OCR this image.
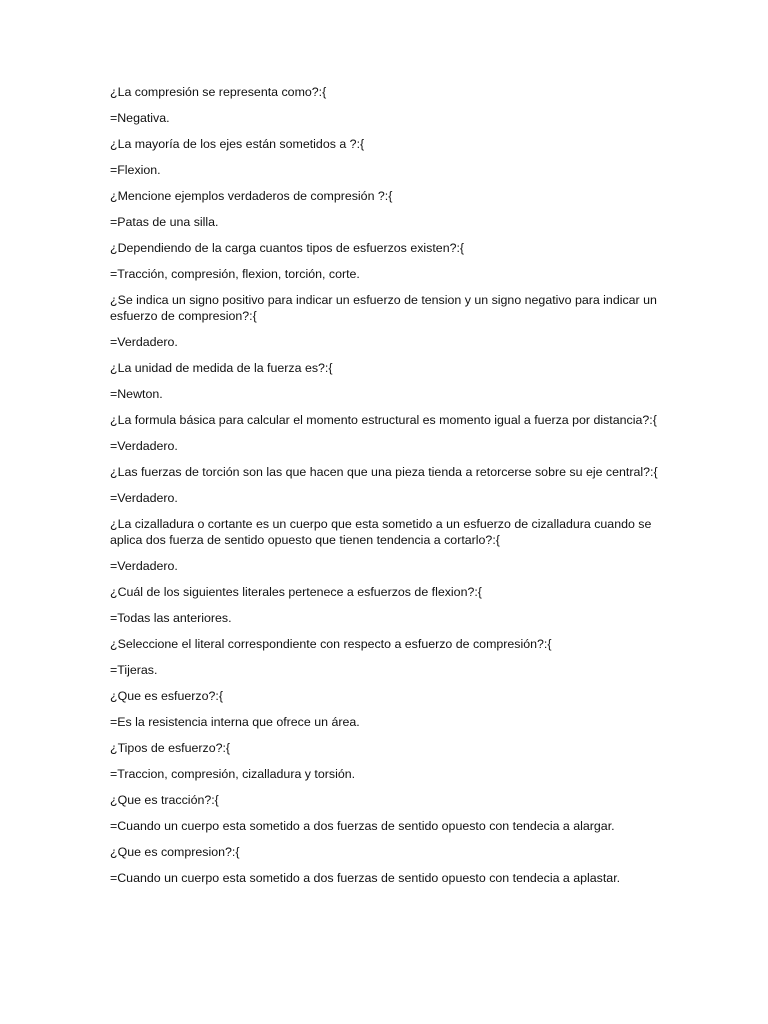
¿La compresión se representa como?:{

=Negativa.

¿La mayoría de los ejes están sometidos a ?:{

=Flexion.

¿Mencione ejemplos verdaderos de compresión ?:{

=Patas de una silla.

¿Dependiendo de la carga cuantos tipos de esfuerzos existen?:{

=Tracción, compresión, flexion, torción, corte.

¿Se indica un signo positivo para indicar un esfuerzo de tension y un signo negativo para indicar un esfuerzo de compresion?:{

=Verdadero.

¿La unidad de medida de la fuerza es?:{

=Newton.

¿La formula básica para calcular el momento estructural es momento igual a fuerza por distancia?:{

=Verdadero.

¿Las fuerzas de torción son las que hacen que una pieza tienda a retorcerse sobre su eje central?:{

=Verdadero.

¿La cizalladura o cortante es un cuerpo que esta sometido a un esfuerzo de cizalladura cuando se aplica dos fuerza de sentido opuesto que tienen tendencia a cortarlo?:{

=Verdadero.

¿Cuál de los siguientes literales pertenece a esfuerzos de flexion?:{

=Todas las anteriores.

¿Seleccione el literal correspondiente con respecto a esfuerzo de compresión?:{

=Tijeras.

¿Que es esfuerzo?:{

=Es la resistencia interna que ofrece un área.

¿Tipos de esfuerzo?:{

=Traccion, compresión, cizalladura y torsión.

¿Que es tracción?:{

=Cuando un cuerpo esta sometido a dos fuerzas de sentido opuesto con tendecia a alargar.

¿Que es compresion?:{

=Cuando un cuerpo esta sometido a dos fuerzas de sentido opuesto con tendecia a aplastar.
